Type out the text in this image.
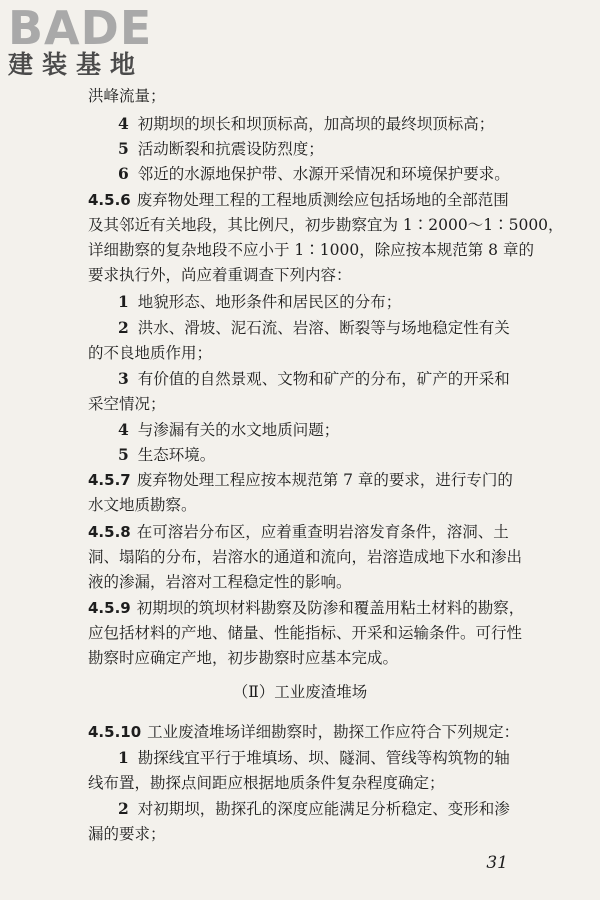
BADE
建装基地
洪峰流量；
4 初期坝的坝长和坝顶标高，加高坝的最终坝顶标高；
5 活动断裂和抗震设防烈度；
6 邻近的水源地保护带、水源开采情况和环境保护要求。
4.5.6 废弃物处理工程的工程地质测绘应包括场地的全部范围
及其邻近有关地段，其比例尺，初步勘察宜为 1∶2000～1∶5000，
详细勘察的复杂地段不应小于 1∶1000，除应按本规范第 8 章的
要求执行外，尚应着重调查下列内容：
1 地貌形态、地形条件和居民区的分布；
2 洪水、滑坡、泥石流、岩溶、断裂等与场地稳定性有关
的不良地质作用；
3 有价值的自然景观、文物和矿产的分布，矿产的开采和
采空情况；
4 与渗漏有关的水文地质问题；
5 生态环境。
4.5.7 废弃物处理工程应按本规范第 7 章的要求，进行专门的
水文地质勘察。
4.5.8 在可溶岩分布区，应着重查明岩溶发育条件，溶洞、土
洞、塌陷的分布，岩溶水的通道和流向，岩溶造成地下水和渗出
液的渗漏，岩溶对工程稳定性的影响。
4.5.9 初期坝的筑坝材料勘察及防渗和覆盖用粘土材料的勘察，
应包括材料的产地、储量、性能指标、开采和运输条件。可行性
勘察时应确定产地，初步勘察时应基本完成。
（Ⅱ）工业废渣堆场
4.5.10 工业废渣堆场详细勘察时，勘探工作应符合下列规定：
1 勘探线宜平行于堆填场、坝、隧洞、管线等构筑物的轴
线布置，勘探点间距应根据地质条件复杂程度确定；
2 对初期坝，勘探孔的深度应能满足分析稳定、变形和渗
漏的要求；
31
